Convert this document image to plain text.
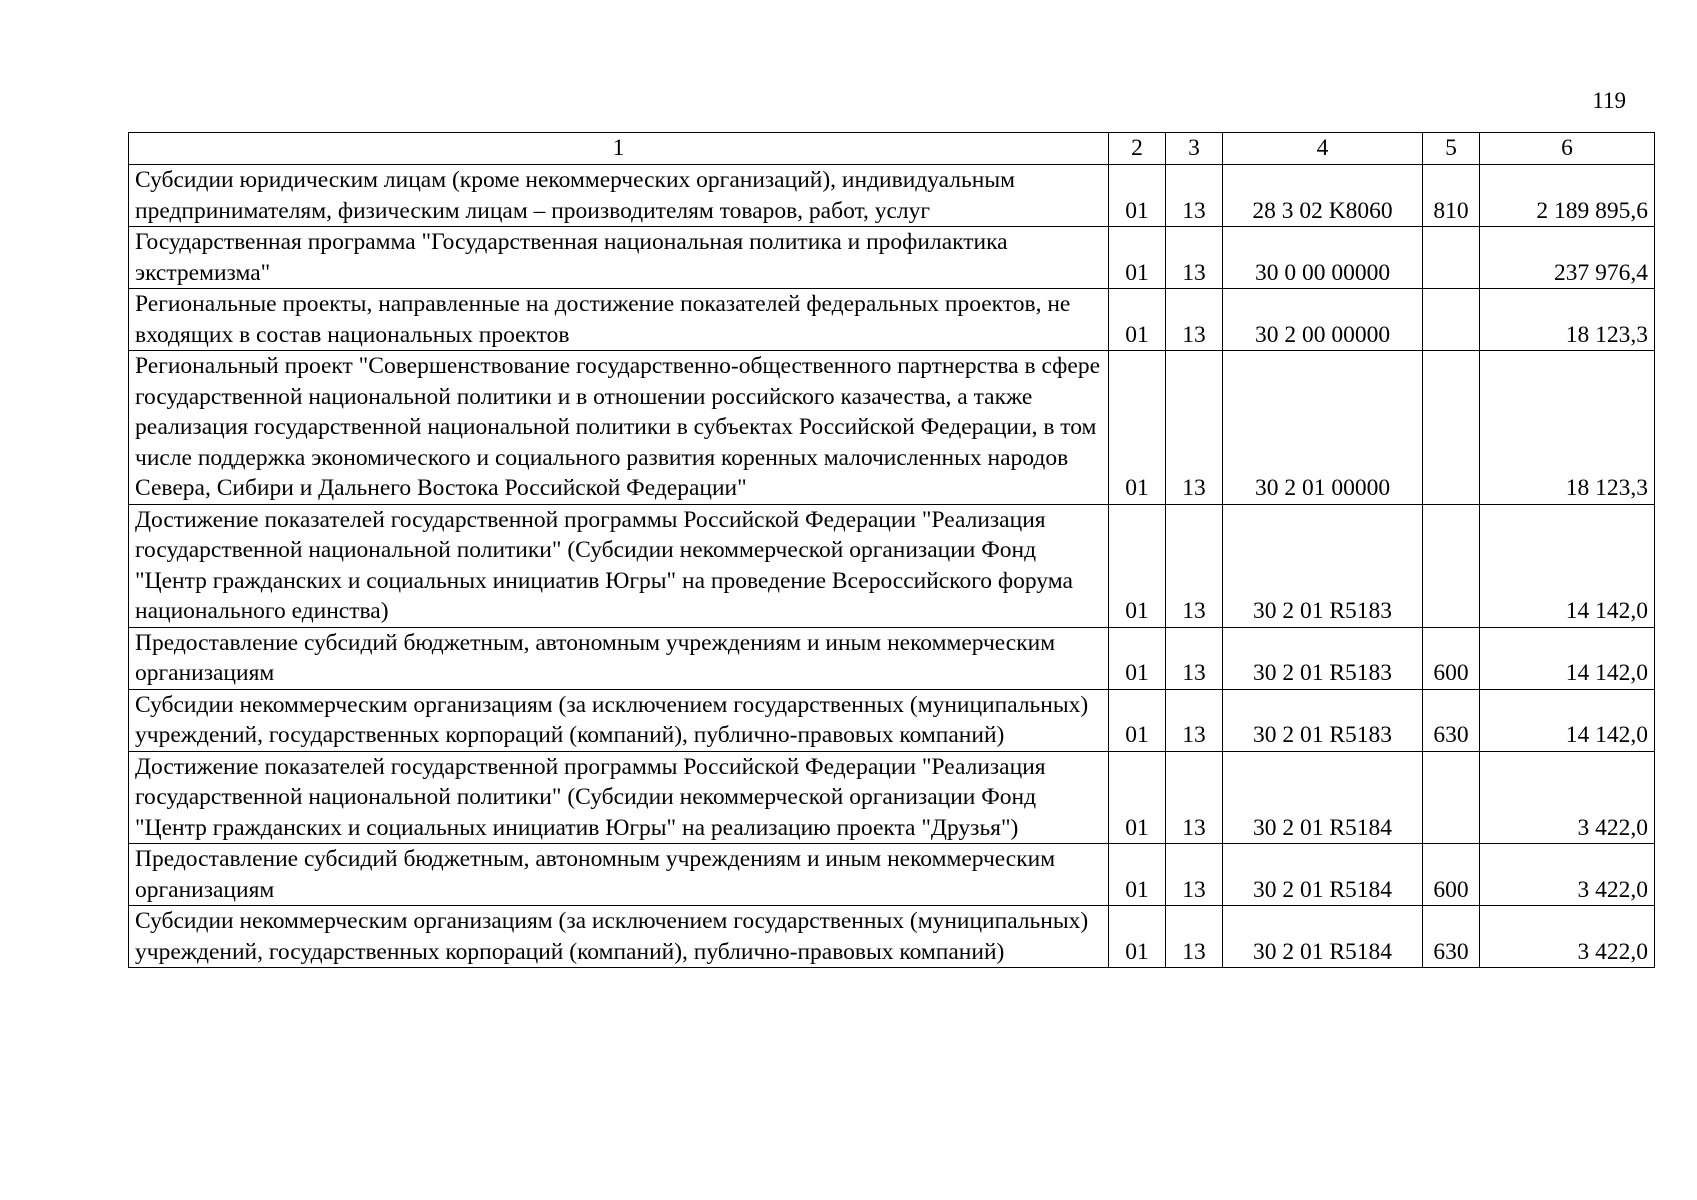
119
1	2	3	4	5	6
Субсидии юридическим лицам (кроме некоммерческих организаций), индивидуальным предпринимателям, физическим лицам – производителям товаров, работ, услуг	01	13	28 3 02 K8060	810	2 189 895,6
Государственная программа "Государственная национальная политика и профилактика экстремизма"	01	13	30 0 00 00000		237 976,4
Региональные проекты, направленные на достижение показателей федеральных проектов, не входящих в состав национальных проектов	01	13	30 2 00 00000		18 123,3
Региональный проект "Совершенствование государственно-общественного партнерства в сфере государственной национальной политики и в отношении российского казачества, а также реализация государственной национальной политики в субъектах Российской Федерации, в том числе поддержка экономического и социального развития коренных малочисленных народов Севера, Сибири и Дальнего Востока Российской Федерации"	01	13	30 2 01 00000		18 123,3
Достижение показателей государственной программы Российской Федерации "Реализация государственной национальной политики" (Субсидии некоммерческой организации Фонд "Центр гражданских и социальных инициатив Югры" на проведение Всероссийского форума национального единства)	01	13	30 2 01 R5183		14 142,0
Предоставление субсидий бюджетным, автономным учреждениям и иным некоммерческим организациям	01	13	30 2 01 R5183	600	14 142,0
Субсидии некоммерческим организациям (за исключением государственных (муниципальных) учреждений, государственных корпораций (компаний), публично-правовых компаний)	01	13	30 2 01 R5183	630	14 142,0
Достижение показателей государственной программы Российской Федерации "Реализация государственной национальной политики" (Субсидии некоммерческой организации Фонд "Центр гражданских и социальных инициатив Югры" на реализацию проекта "Друзья")	01	13	30 2 01 R5184		3 422,0
Предоставление субсидий бюджетным, автономным учреждениям и иным некоммерческим организациям	01	13	30 2 01 R5184	600	3 422,0
Субсидии некоммерческим организациям (за исключением государственных (муниципальных) учреждений, государственных корпораций (компаний), публично-правовых компаний)	01	13	30 2 01 R5184	630	3 422,0
